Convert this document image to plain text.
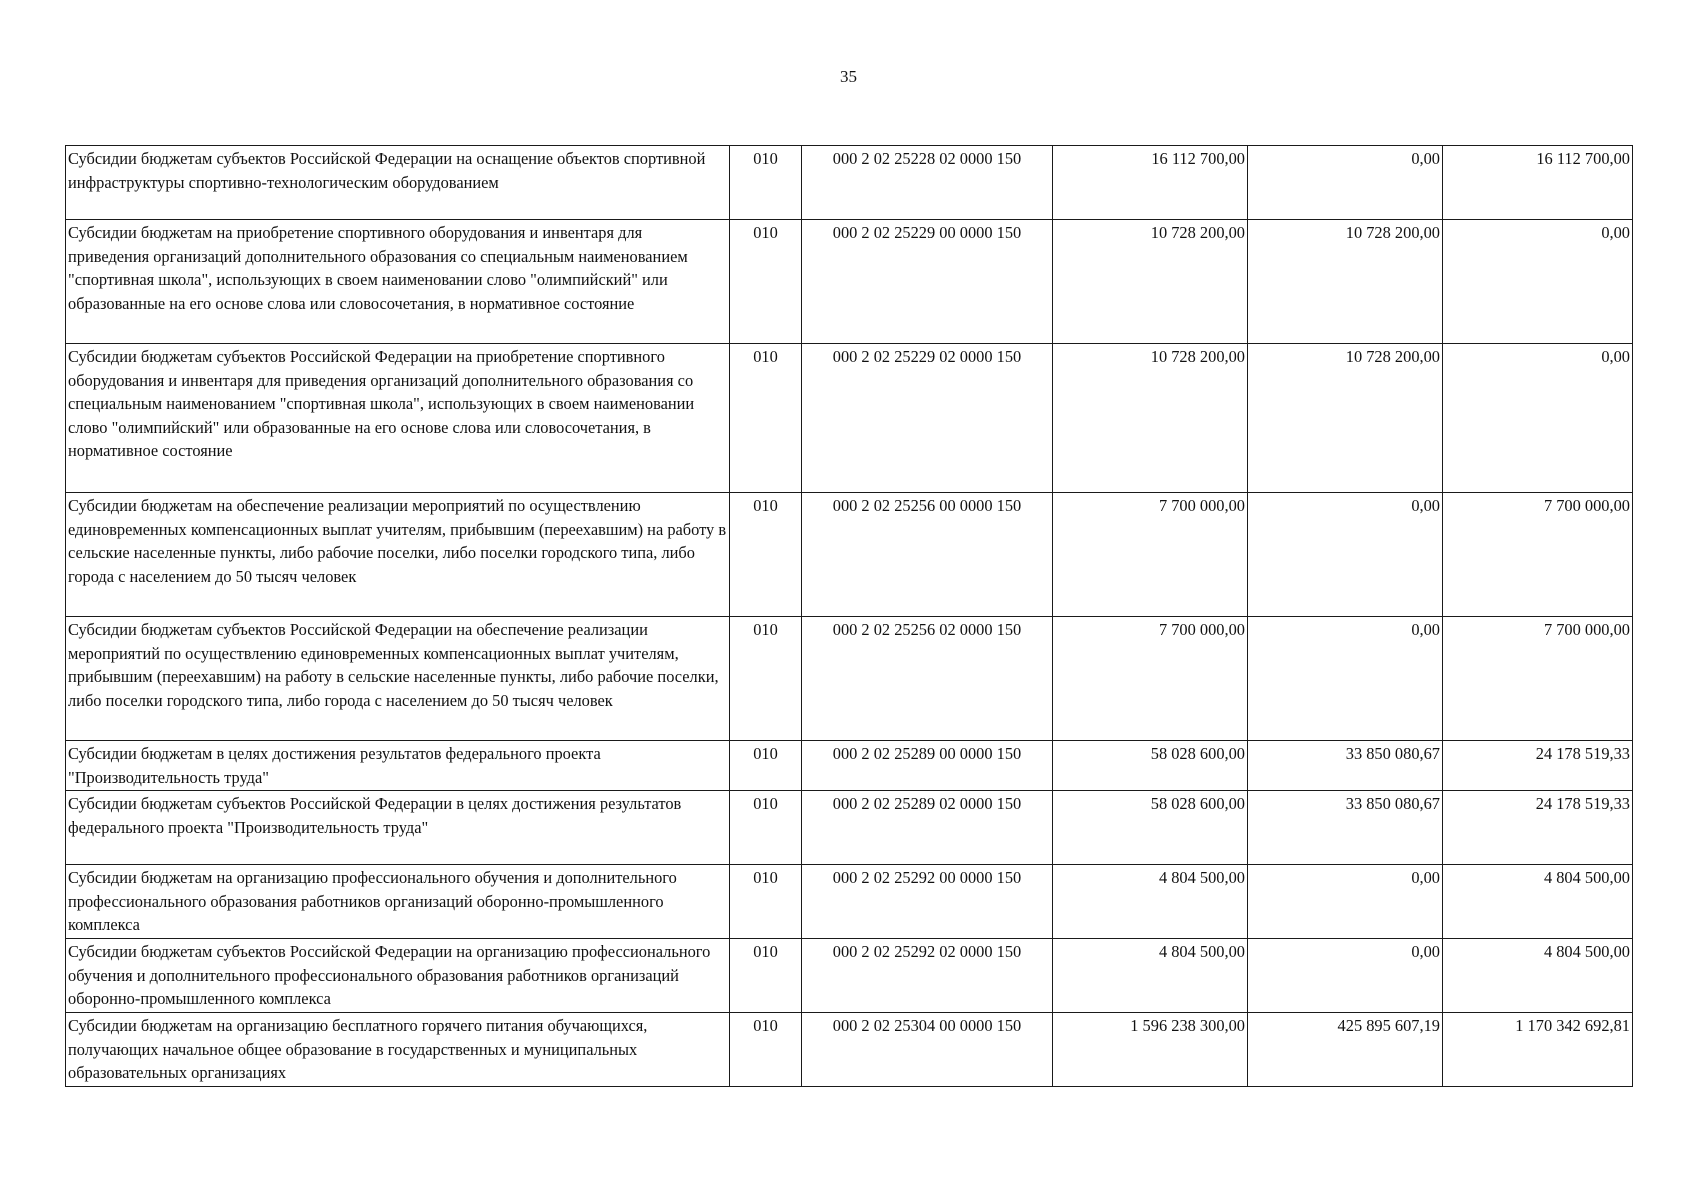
35
Субсидии бюджетам субъектов Российской Федерации на оснащение объектов спортивной инфраструктуры спортивно-технологическим оборудованием	010	000 2 02 25228 02 0000 150	16 112 700,00	0,00	16 112 700,00
Субсидии бюджетам на приобретение спортивного оборудования и инвентаря для приведения организаций дополнительного образования со специальным наименованием "спортивная школа", использующих в своем наименовании слово "олимпийский" или образованные на его основе слова или словосочетания, в нормативное состояние	010	000 2 02 25229 00 0000 150	10 728 200,00	10 728 200,00	0,00
Субсидии бюджетам субъектов Российской Федерации на приобретение спортивного оборудования и инвентаря для приведения организаций дополнительного образования со специальным наименованием "спортивная школа", использующих в своем наименовании слово "олимпийский" или образованные на его основе слова или словосочетания, в нормативное состояние	010	000 2 02 25229 02 0000 150	10 728 200,00	10 728 200,00	0,00
Субсидии бюджетам на обеспечение реализации мероприятий по осуществлению единовременных компенсационных выплат учителям, прибывшим (переехавшим) на работу в сельские населенные пункты, либо рабочие поселки, либо поселки городского типа, либо города с населением до 50 тысяч человек	010	000 2 02 25256 00 0000 150	7 700 000,00	0,00	7 700 000,00
Субсидии бюджетам субъектов Российской Федерации на обеспечение реализации мероприятий по осуществлению единовременных компенсационных выплат учителям, прибывшим (переехавшим) на работу в сельские населенные пункты, либо рабочие поселки, либо поселки городского типа, либо города с населением до 50 тысяч человек	010	000 2 02 25256 02 0000 150	7 700 000,00	0,00	7 700 000,00
Субсидии бюджетам в целях достижения результатов федерального проекта "Производительность труда"	010	000 2 02 25289 00 0000 150	58 028 600,00	33 850 080,67	24 178 519,33
Субсидии бюджетам субъектов Российской Федерации в целях достижения результатов федерального проекта "Производительность труда"	010	000 2 02 25289 02 0000 150	58 028 600,00	33 850 080,67	24 178 519,33
Субсидии бюджетам на организацию профессионального обучения и дополнительного профессионального образования работников организаций оборонно-промышленного комплекса	010	000 2 02 25292 00 0000 150	4 804 500,00	0,00	4 804 500,00
Субсидии бюджетам субъектов Российской Федерации на организацию профессионального обучения и дополнительного профессионального образования работников организаций оборонно-промышленного комплекса	010	000 2 02 25292 02 0000 150	4 804 500,00	0,00	4 804 500,00
Субсидии бюджетам на организацию бесплатного горячего питания обучающихся, получающих начальное общее образование в государственных и муниципальных образовательных организациях	010	000 2 02 25304 00 0000 150	1 596 238 300,00	425 895 607,19	1 170 342 692,81
